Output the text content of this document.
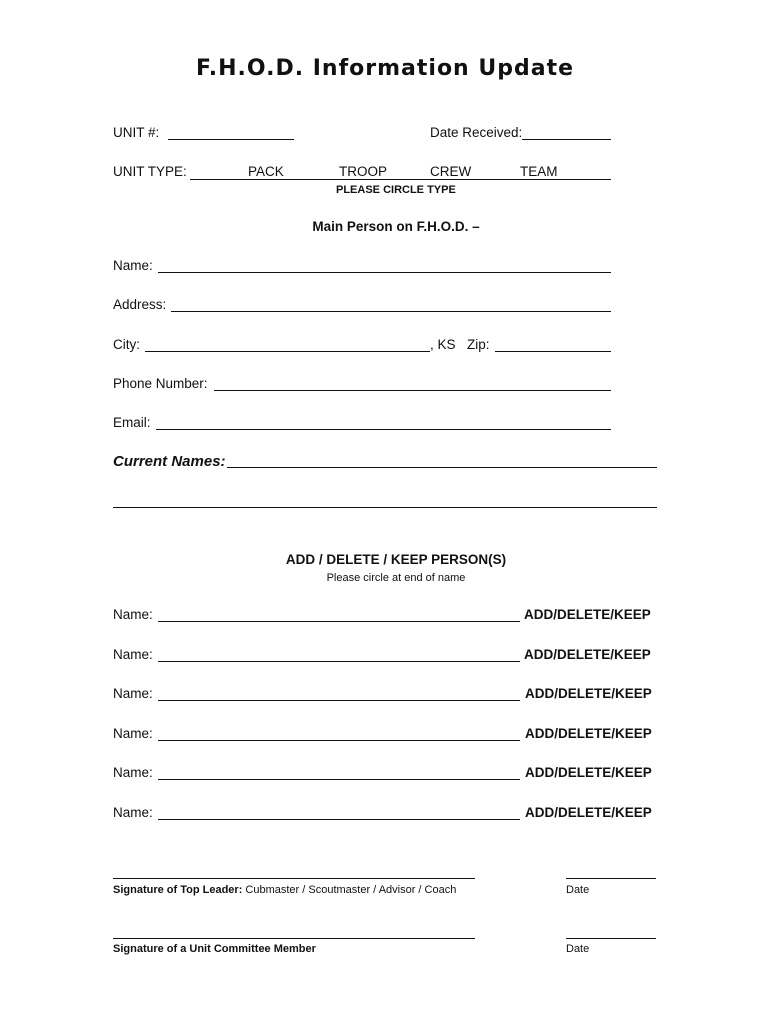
F.H.O.D. Information Update
UNIT #:	Date Received:
UNIT TYPE:	PACK	TROOP	CREW	TEAM
PLEASE CIRCLE TYPE
Main Person on F.H.O.D. –
Name:
Address:
City:	, KS Zip:
Phone Number:
Email:
Current Names:
ADD / DELETE / KEEP PERSON(S)
Please circle at end of name
Name:	ADD/DELETE/KEEP
Name:	ADD/DELETE/KEEP
Name:	ADD/DELETE/KEEP
Name:	ADD/DELETE/KEEP
Name:	ADD/DELETE/KEEP
Name:	ADD/DELETE/KEEP
Signature of Top Leader: Cubmaster / Scoutmaster / Advisor / Coach	Date
Signature of a Unit Committee Member	Date
